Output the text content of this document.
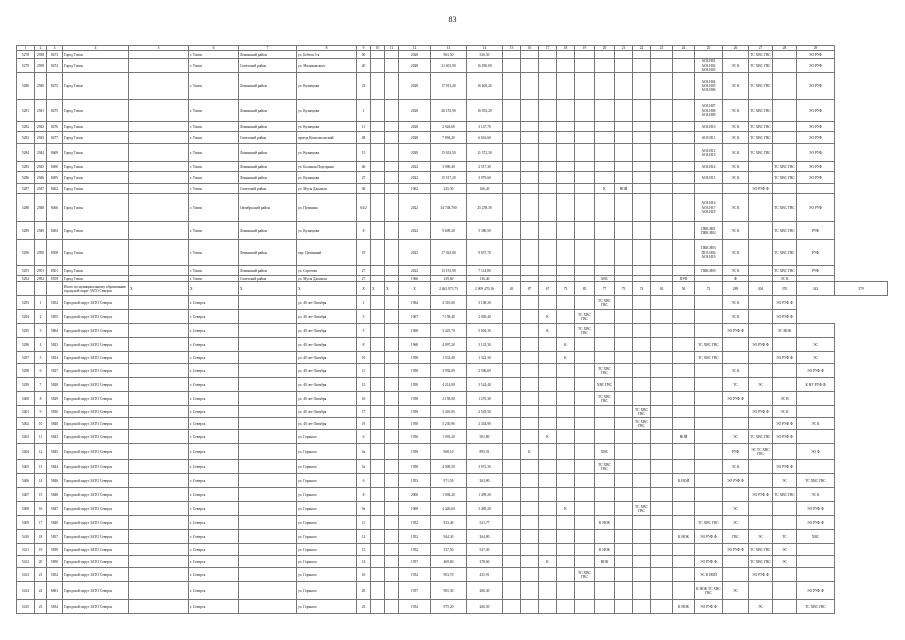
83
1	2	3	4	5	6	7	8	9	10	11	12	13	14	15	16	17	18	19	20	21	22	23	24	25	26	27	28	29	
5278	2938	8473	Город Томск		г. Томск	Ленинский район	ул. Бебеля 3-я	50			2028	963,50	526,50													ТС ХВС ГВС		ЭО РУФ	
5279	2939	8474	Город Томск		г. Томск	Советский район	ул. Малиновского	20			2028	21 601,90	16 856,00											АОЗ.Н01 АОЗ.Н02 АОЗ.Н03	ЭС К	ТС ХВС ГВС		ЭО РУФ	
5280	2940	8475	Город Томск		г. Томск	Ленинский район	ул. Кузнецова	23			2028	17 913,20	16 605,20											АОЗ.Н04 АОЗ.Н05 АОЗ.Н06	ЭС К	ТС ХВС ГВС		ЭО РУФ	
5281	2941	8475	Город Томск		г. Томск	Ленинский район	ул. Кузнецова	1			2028	26 155,90	16 053,20											АОЗ.Н07 АОЗ.Н08 АОЗ.Н09	ЭС К	ТС ХВС ГВС		ЭО РУФ	
5282	2942	8476	Город Томск		г. Томск	Ленинский район	ул. Кузнецова	11			2028	2 924,60	3 147,70											АОЗ.Н10	ЭС К	ТС ХВС ГВС		ЭО РУФ	
5283	2943	8477	Город Томск		г. Томск	Советский район	проезд Комсомольский	48			2028	7 894,20	6 616,60											АОЗ.Н11	ЭС К	ТС ХВС ГВС		ЭО РУФ	
5284	2944	8469	Город Томск		г. Томск	Ленинский район	ул. Кузнецова	15			2028	15 633,50	11 372,30											АОЗ.Н12 АОЗ.Н13	ЭС К	ТС ХВС ГВС		ЭО РУФ	
5285	2945	8490	Город Томск		г. Томск	Ленинский район	ул. Большая Подгорная	46			2022	3 900,40	2 517,30											АОЗ.Н14	ЭС К		ТС ХВС ГВС	ЭО РУФ	
5286	2946	8495	Город Томск		г. Томск	Ленинский район	ул. Кузнецова	27			2022	15 517,20	3 979,60											АОЗ.Н15	ЭС К		ТС ХВС ГВС	ЭО РУФ	
5287	2947	8462	Город Томск		г. Томск	Советский район	ул. Мусы Джалиля	36			1962	225,50	166,43						К	НОЙ						ЭО РУФ Ф			
5288	2948	8466	Город Томск		г. Томск	Октябрьский район	ул. Пушкина	64/2			2022	34 748,700	25 258,30											АОЗ.Н16 АОЗ.Н17 АОЗ.Н18	ЭС К		ТС ХВС ГВС	ЭО РУФ	
5289	2949	8492	Город Томск		г. Томск	Ленинский район	ул. Кузнецова	8			2022	9 609,20	5 380,50											ПКК.Н01 ПКК.Н02	ЭС К		ТС ХВС ГВС	РУФ	
5290	2950	8508	Город Томск		г. Томск	Ленинский район	пер. Целинный	19			2022	17 023,80	9 837,70											ПКК.Н03 ПОЗ.Н04 АОЗ.Н19	ЭС К		ТС ХВС ГВС	РУФ	
5291	2951	8501	Город Томск		г. Томск	Ленинский район	ул. Сергеева	27			2022	13 191,90	7 114,80											ПКК.Н05	ЭС К		ТС ХВС ГВС	РУФ	
5292	2952	8559	Город Томск		г. Томск	Советский район	ул. Мусы Джалиля	27			1966	139,60	136,40						ХВС				ПУФ		Ф		ЭС К		
			Итого по муниципальному образованию городской округ ЗАТО Северск	X	X	X	X	X	X	X	X	2 462 973,73	2 009 470,16	65	87	67	75	85	77	75	74	65	56	72	289	304	370	343	379
5293	1	5852	Городской округ ЗАТО Северск		г. Северск		ул. 40 лет Октября	1			1964	4 310,60	3 108,20						ТС ХВС ГВС						ЭС К		ЭО РУФ Ф		
5294	2	5855	Городской округ ЗАТО Северск		г. Северск		ул. 40 лет Октября	3			1967	7 158,40	2 049,40			К		ТС ХВС ГВС							ЭС К		ЭО РУФ Ф		
5295	3	5864	Городской округ ЗАТО Северск		г. Северск		ул. 40 лет Октября	5			1968	5 425,70	5 004,30			К		ТС ХВС ГВС							ЭО РУФ Ф		ЭС НОК		
5296	4	5823	Городской округ ЗАТО Северск		г. Северск		ул. 40 лет Октября	8			1968	4 097,20	3 123,30				К							ТС ХВС ГВС		ЭО РУФ Ф		ЭС	
5297	5	5824	Городской округ ЗАТО Северск		г. Северск		ул. 40 лет Октября	10			1958	1 533,40	1 322,30				К							ТС ХВС ГВС			ЭО РУФ Ф	ЭС	
5298	6	5827	Городской округ ЗАТО Северск		г. Северск		ул. 40 лет Октября	11			1958	3 992,09	2 596,69						ТС ХВС ГВС						ЭС К			ЭО РУФ Ф	
5299	7	5828	Городской округ ЗАТО Северск		г. Северск		ул. 40 лет Октября	15			1958	4 214,80	3 524,40						ХВС ГВС						ТС	ЭС		К НУ РУФ Ф	
5400	8	5829	Городской округ ЗАТО Северск		г. Северск		ул. 40 лет Октября	16			1958	2 158,00	1 270,30						ТС ХВС ГВС						ЭО РУФ Ф		ЭС Н		
5401	9	5830	Городской округ ЗАТО Северск		г. Северск		ул. 40 лет Октября	17			1958	3 401,05	2 545,50								ТС ХВС ГВС					ЭО РУФ Ф	ЭС К		
5402	10	5840	Городской округ ЗАТО Северск		г. Северск		ул. 40 лет Октября	19			1958	5 230,96	2 434,90								ТС ХВС ГВС						ЭО РУФ Ф	ЭС К	
5403	11	5843	Городской округ ЗАТО Северск		г. Северск		ул. Горького	6			1956	1 003,20	501,80			К							НОЙ		ЭС	ТС ХВС ГВС	ЭО РУФ Ф		
5404	12	5845	Городской округ ЗАТО Северск		г. Северск		ул. Горького	4а			1958	968,10	895,91		К				ХВС						РУФ	ЭС ТС ХВС ГВС		ЭО Ф	
5405	13	5844	Городской округ ЗАТО Северск		г. Северск		ул. Горького	5а			1958	4 909,50	3 972,30						ТС ХВС ГВС						ЭС К		ЭО РУФ Ф		
5406	14	5846	Городской округ ЗАТО Северск		г. Северск		ул. Горького	6			1953	971,50	263,80										К НОЙ		ЭО РУФ Ф		ЭС	ТС ХВС ГВС	
5407	15	5848	Городской округ ЗАТО Северск		г. Северск		ул. Горького	8			2006	1 004,20	1 499,20													ЭО РУФ Ф	ТС ХВС ГВС	ЭС К	
5408	16	5847	Городской округ ЗАТО Северск		г. Северск		ул. Горького	9а			1968	4 426,60	3 485,20				К				ТС ХВС ГВС				ЭС			ЭО РУФ Ф	
5409	17	5849	Городской округ ЗАТО Северск		г. Северск		ул. Горького	11			1952	933,40	521,77						К НОК					ТС ХВС ГВС	ЭС			ЭО РУФ Ф	
5410	18	5837	Городской округ ЗАТО Северск		г. Северск		ул. Горького	12			1952	944,30	264,80										К НОК	ЭО РУФ Ф	ГВС	ЭС	ТС	ХВС	
5411	19	5839	Городской округ ЗАТО Северск		г. Северск		ул. Горького	13			1952	537,50	527,30						К НОК						ЭО РУФ Ф	ТС ХВС ГВС	ЭС		
5412	20	5850	Городской округ ЗАТО Северск		г. Северск		ул. Горького	14			1957	469,60	278,60			К			НОК					ЭО РУФ Ф		ТС ХВС ГВС	ЭС		
5413	21	5852	Городской округ ЗАТО Северск		г. Северск		ул. Горького	16			1952	903,70	435,91					ТС ХВС ГВС						ЭС К НОЙ		ЭО РУФ Ф			
5414	22	6861	Городской округ ЗАТО Северск		г. Северск		ул. Горького	20			1957	905,30	266,30											К НОК ТС ХВС ГВС	ЭС			ЭО РУФ Ф	
5415	23	5834	Городской округ ЗАТО Северск		г. Северск		ул. Горького	23			1954	975,20	266,50										К НОК	ЭО РУФ Ф		ЭС		ТС ХВС ГВС	
